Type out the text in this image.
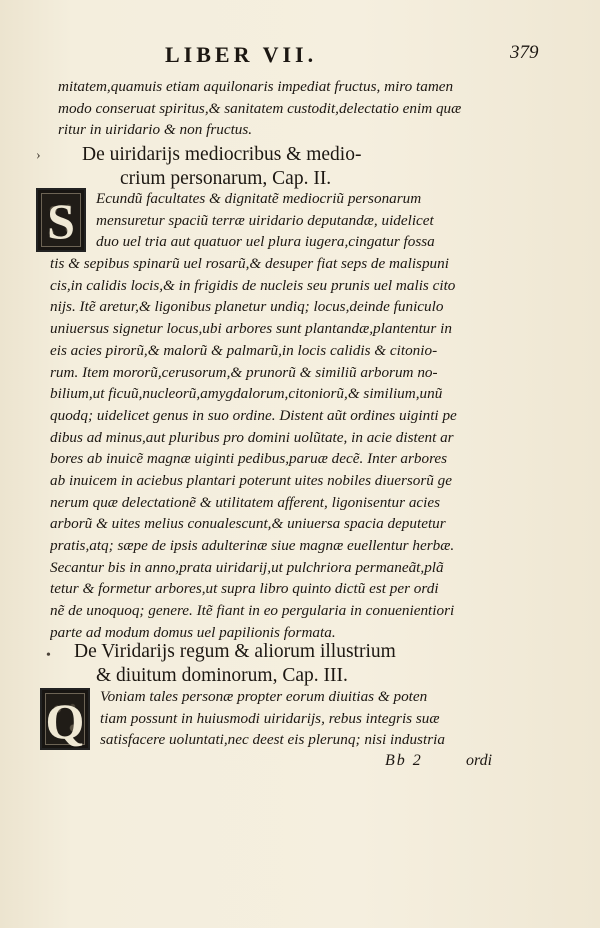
LIBER VII.	379
mitatem,quamuis etiam aquilonaris impediat fructus, miro tamen
modo conseruat spiritus,& sanitatem custodit,delectatio enim quæ
ritur in uiridario & non fructus.
› De uiridarijs mediocribus & medio-
crium personarum, Cap. II.
S	Ecundũ facultates & dignitatẽ mediocriũ personarum
mensuretur spaciũ terræ uiridario deputandæ, uidelicet
duo uel tria aut quatuor uel plura iugera,cingatur fossa
tis & sepibus spinarũ uel rosarũ,& desuper fiat seps de malispuni
cis,in calidis locis,& in frigidis de nucleis seu prunis uel malis cito
nijs. Itẽ aretur,& ligonibus planetur undiq; locus,deinde funiculo
uniuersus signetur locus,ubi arbores sunt plantandæ,plantentur in
eis acies pirorũ,& malorũ & palmarũ,in locis calidis & citonio-
rum. Item mororũ,cerusorum,& prunorũ & similiũ arborum no-
bilium,ut ficuũ,nucleorũ,amygdalorum,citoniorũ,& similium,unũ
quodq; uidelicet genus in suo ordine. Distent aũt ordines uiginti pe
dibus ad minus,aut pluribus pro domini uolũtate, in acie distent ar
bores ab inuicẽ magnæ uiginti pedibus,paruæ decẽ. Inter arbores
ab inuicem in aciebus plantari poterunt uites nobiles diuersorũ ge
nerum quæ delectationẽ & utilitatem afferent, ligonisentur acies
arborũ & uites melius conualescunt,& uniuersa spacia deputetur
pratis,atq; sæpe de ipsis adulterinæ siue magnæ euellentur herbæ.
Secantur bis in anno,prata uiridarij,ut pulchriora permaneãt,plã
tetur & formetur arbores,ut supra libro quinto dictũ est per ordi
nẽ de unoquoq; genere. Itẽ fiant in eo pergularia in conuenientiori
parte ad modum domus uel papilionis formata.
• De Viridarijs regum & aliorum illustrium
& diuitum dominorum, Cap. III.
Q	Voniam tales personæ propter eorum diuitias & poten
tiam possunt in huiusmodi uiridarijs, rebus integris suæ
satisfacere uoluntati,nec deest eis plerunq; nisi industria
Bb 2	ordi
